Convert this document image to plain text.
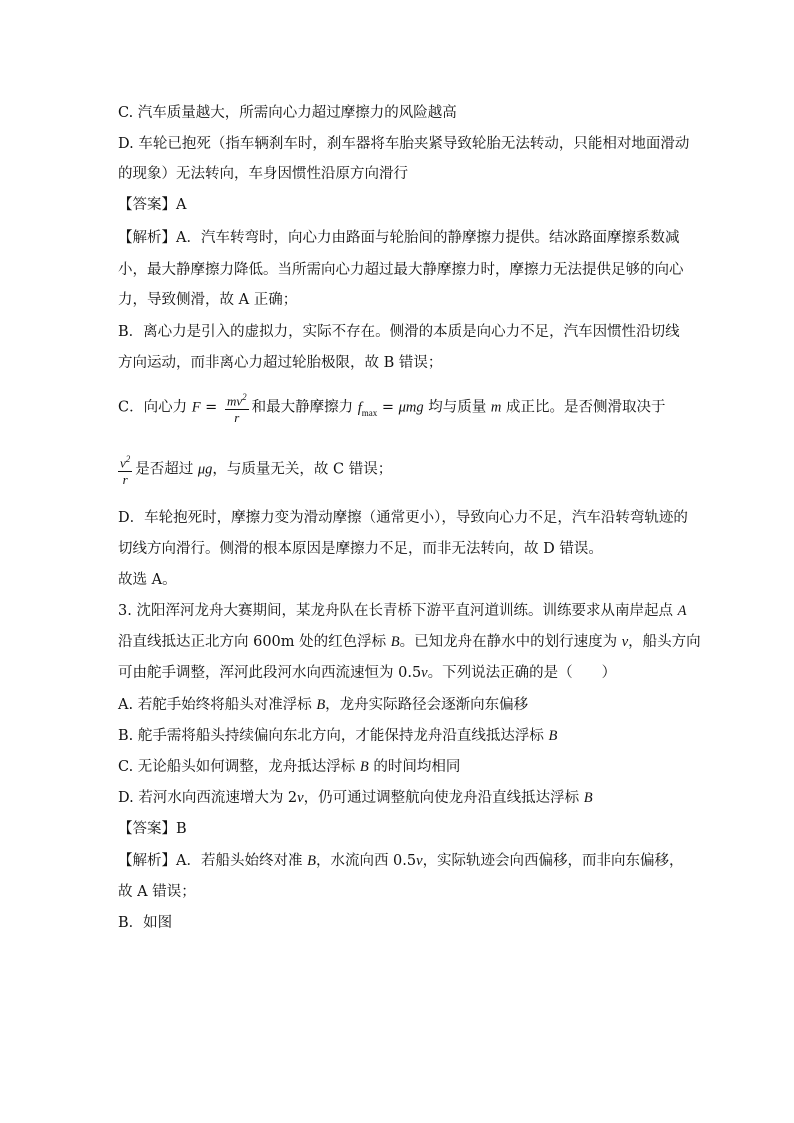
C. 汽车质量越大，所需向心力超过摩擦力的风险越高
D. 车轮已抱死（指车辆刹车时，刹车器将车胎夹紧导致轮胎无法转动，只能相对地面滑动
的现象）无法转向，车身因惯性沿原方向滑行
【答案】A
【解析】A．汽车转弯时，向心力由路面与轮胎间的静摩擦力提供。结冰路面摩擦系数减
小，最大静摩擦力降低。当所需向心力超过最大静摩擦力时，摩擦力无法提供足够的向心
力，导致侧滑，故 A 正确；
B．离心力是引入的虚拟力，实际不存在。侧滑的本质是向心力不足，汽车因惯性沿切线
方向运动，而非离心力超过轮胎极限，故 B 错误；
C．向心力 $F = \frac{mv^2}{r}$ 和最大静摩擦力 $f_{max} = \mu mg$ 均与质量 m 成正比。是否侧滑取决于
$\frac{v^2}{r}$ 是否超过 μg，与质量无关，故 C 错误；
D．车轮抱死时，摩擦力变为滑动摩擦（通常更小），导致向心力不足，汽车沿转弯轨迹的
切线方向滑行。侧滑的根本原因是摩擦力不足，而非无法转向，故 D 错误。
故选 A。
3. 沈阳浑河龙舟大赛期间，某龙舟队在长青桥下游平直河道训练。训练要求从南岸起点 A
沿直线抵达正北方向 600m 处的红色浮标 B。已知龙舟在静水中的划行速度为 v，船头方向
可由舵手调整，浑河此段河水向西流速恒为 0.5v。下列说法正确的是（　　）
A. 若舵手始终将船头对准浮标 B，龙舟实际路径会逐渐向东偏移
B. 舵手需将船头持续偏向东北方向，才能保持龙舟沿直线抵达浮标 B
C. 无论船头如何调整，龙舟抵达浮标 B 的时间均相同
D. 若河水向西流速增大为 2v，仍可通过调整航向使龙舟沿直线抵达浮标 B
【答案】B
【解析】A．若船头始终对准 B，水流向西 0.5v，实际轨迹会向西偏移，而非向东偏移，
故 A 错误；
B．如图
